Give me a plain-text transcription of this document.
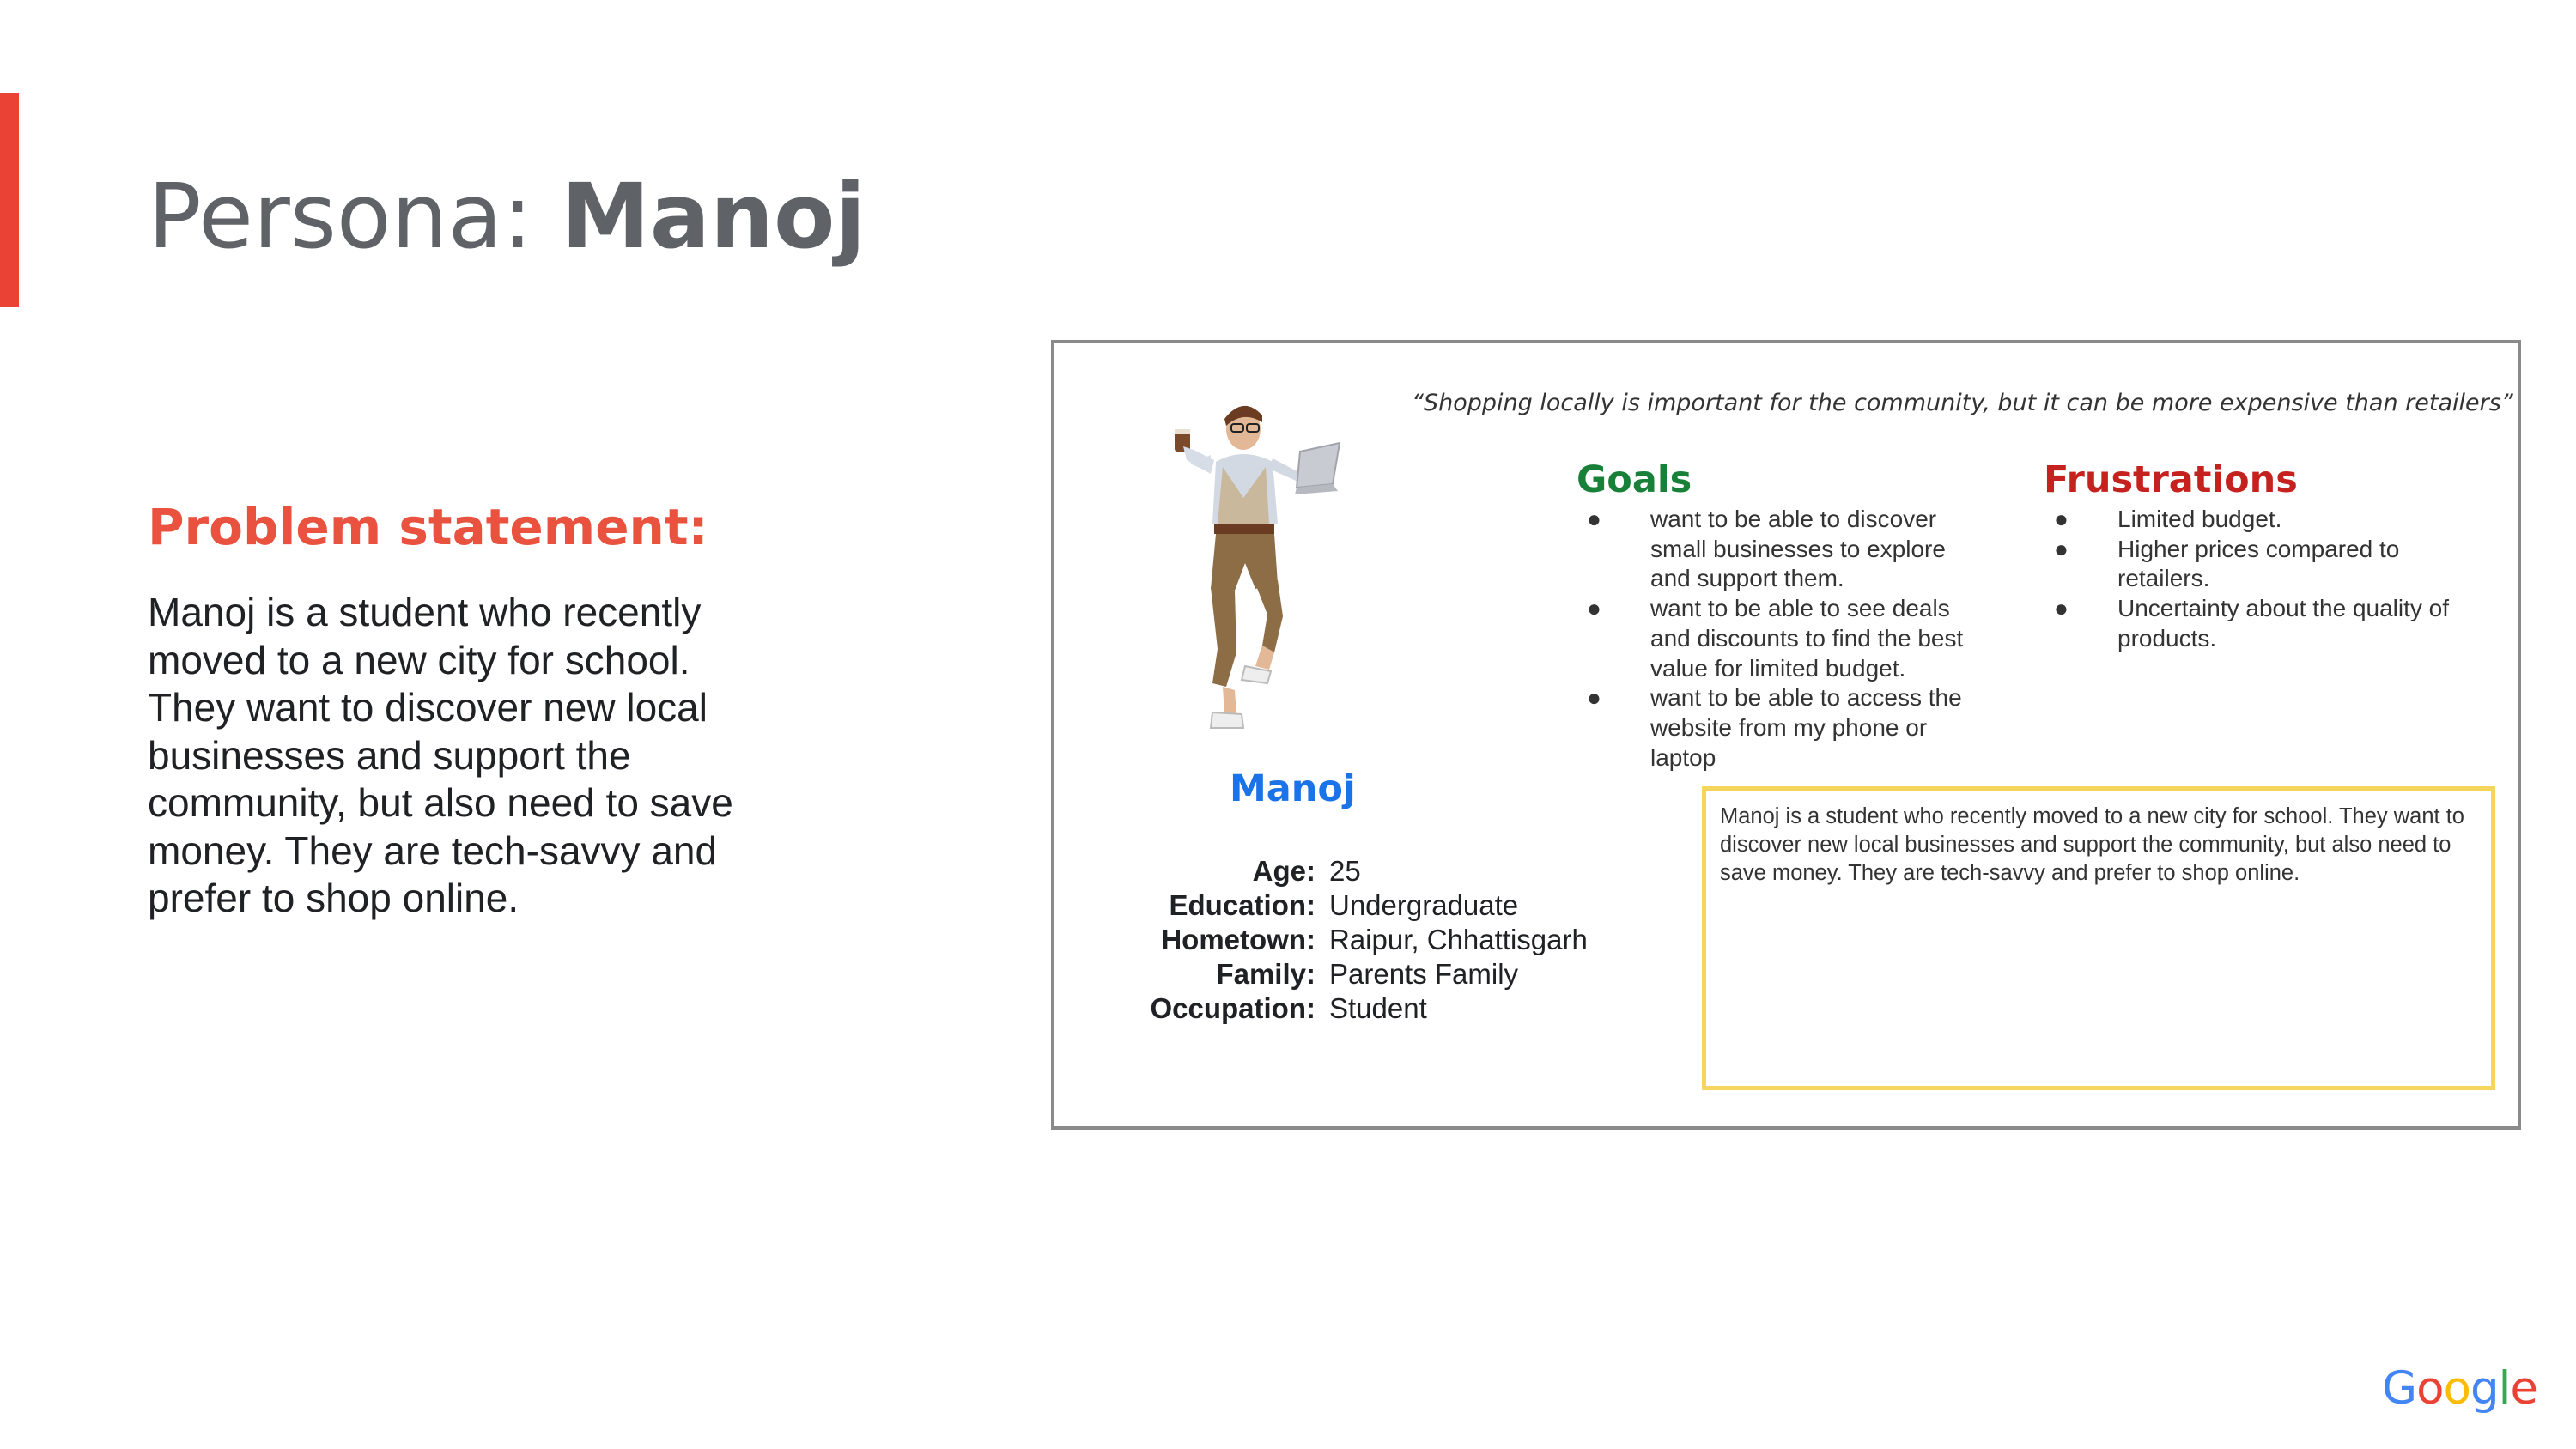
Persona: Manoj
Problem statement:

Manoj is a student who recently moved to a new city for school. They want to discover new local businesses and support the community, but also need to save money. They are tech-savvy and prefer to shop online.

“Shopping locally is important for the community, but it can be more expensive than retailers”

Manoj

Age: 25
Education: Undergraduate
Hometown: Raipur, Chhattisgarh
Family: Parents Family
Occupation: Student
Goals
● want to be able to discover small businesses to explore and support them.
● want to be able to see deals and discounts to find the best value for limited budget.
● want to be able to access the website from my phone or laptop
Frustrations
● Limited budget.
● Higher prices compared to retailers.
● Uncertainty about the quality of products.

Manoj is a student who recently moved to a new city for school. They want to discover new local businesses and support the community, but also need to save money. They are tech-savvy and prefer to shop online.

Google
